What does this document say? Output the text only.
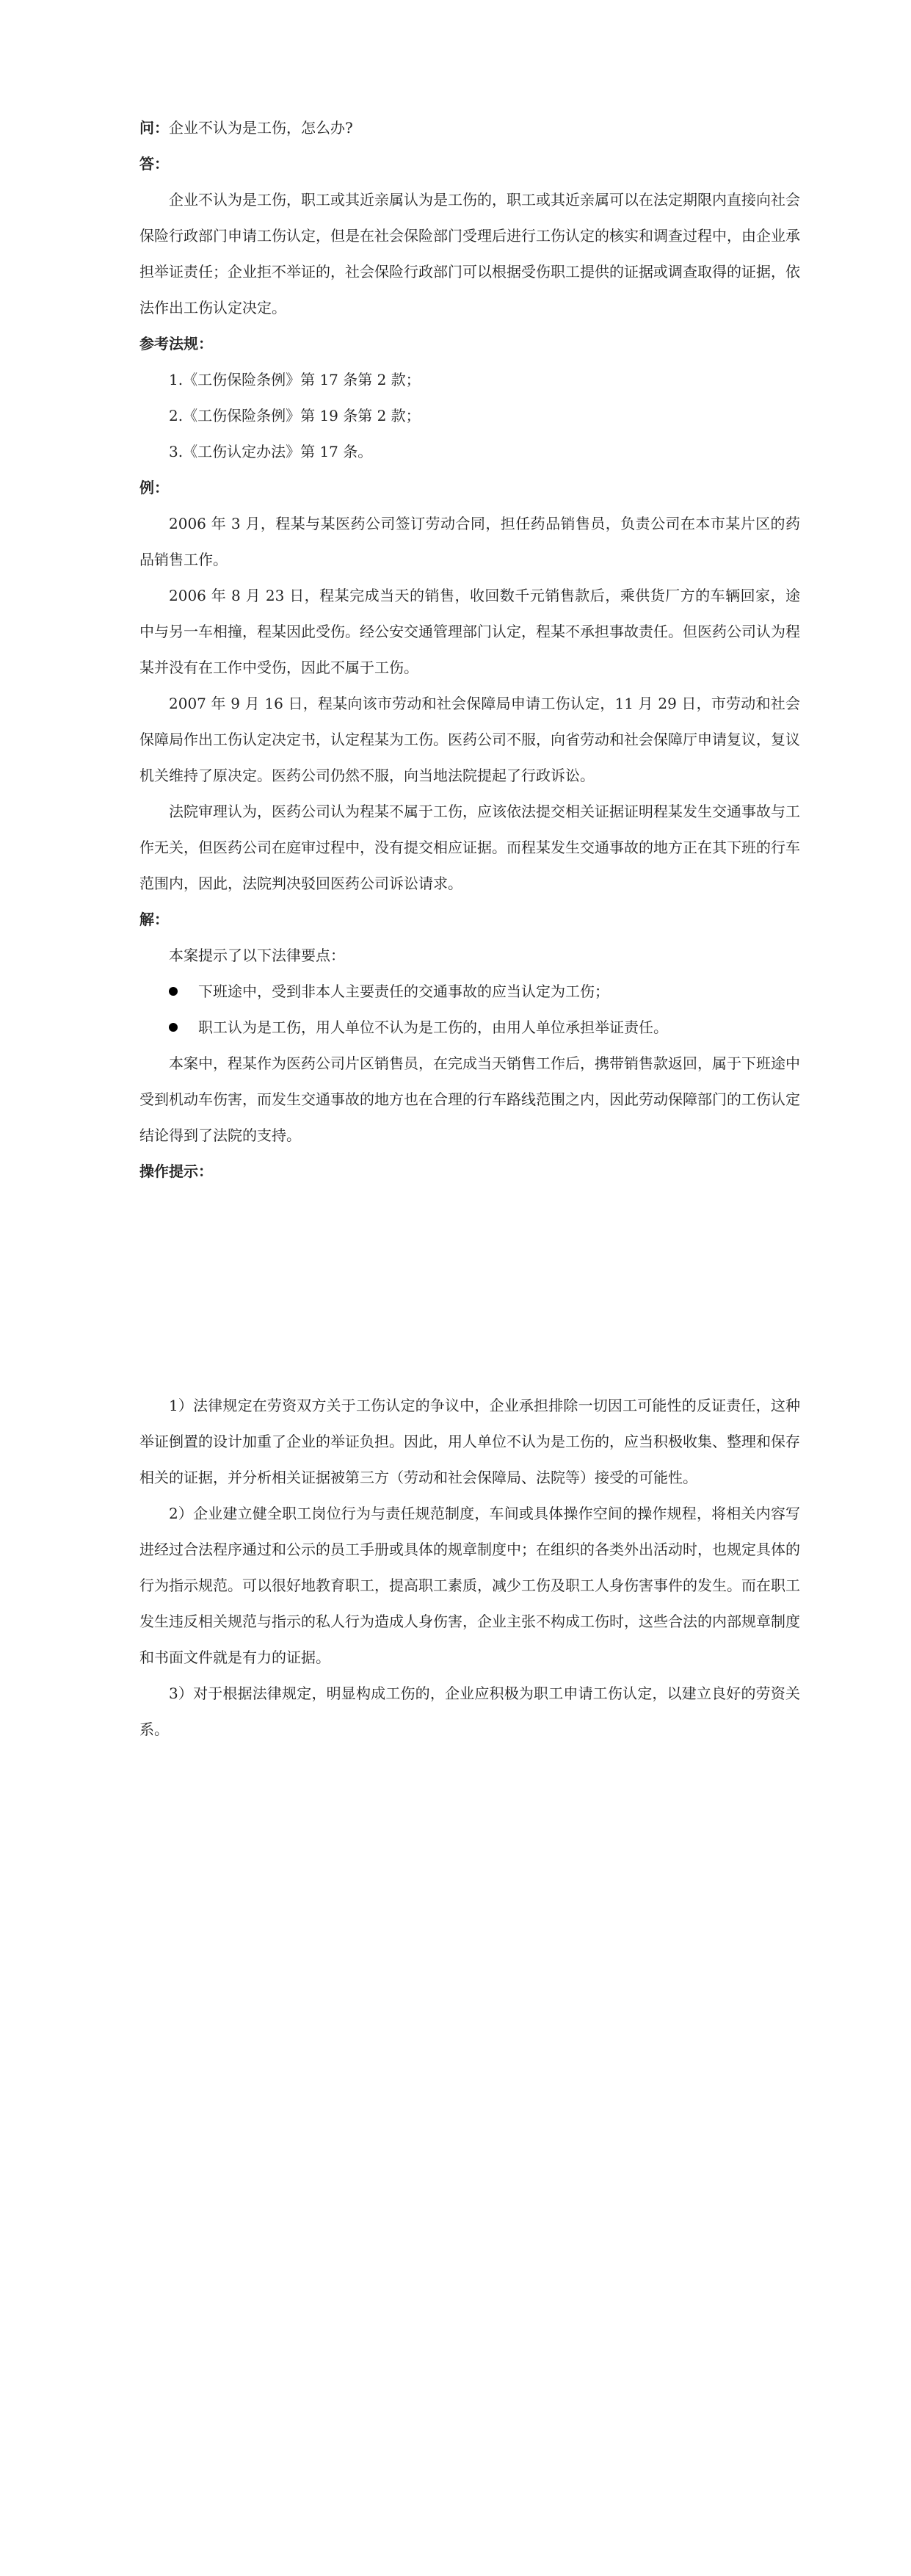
问：企业不认为是工伤，怎么办?

答：

企业不认为是工伤，职工或其近亲属认为是工伤的，职工或其近亲属可以在法定期限内直接向社会保险行政部门申请工伤认定，但是在社会保险部门受理后进行工伤认定的核实和调查过程中，由企业承担举证责任；企业拒不举证的，社会保险行政部门可以根据受伤职工提供的证据或调查取得的证据，依法作出工伤认定决定。

参考法规：

1.《工伤保险条例》第 17 条第 2 款；

2.《工伤保险条例》第 19 条第 2 款；

3.《工伤认定办法》第 17 条。

例：

2006 年 3 月，程某与某医药公司签订劳动合同，担任药品销售员，负责公司在本市某片区的药品销售工作。

2006 年 8 月 23 日，程某完成当天的销售，收回数千元销售款后，乘供货厂方的车辆回家，途中与另一车相撞，程某因此受伤。经公安交通管理部门认定，程某不承担事故责任。但医药公司认为程某并没有在工作中受伤，因此不属于工伤。

2007 年 9 月 16 日，程某向该市劳动和社会保障局申请工伤认定，11 月 29 日，市劳动和社会保障局作出工伤认定决定书，认定程某为工伤。医药公司不服，向省劳动和社会保障厅申请复议，复议机关维持了原决定。医药公司仍然不服，向当地法院提起了行政诉讼。

法院审理认为，医药公司认为程某不属于工伤，应该依法提交相关证据证明程某发生交通事故与工作无关，但医药公司在庭审过程中，没有提交相应证据。而程某发生交通事故的地方正在其下班的行车范围内，因此，法院判决驳回医药公司诉讼请求。

解：

本案提示了以下法律要点：

下班途中，受到非本人主要责任的交通事故的应当认定为工伤；
职工认为是工伤，用人单位不认为是工伤的，由用人单位承担举证责任。

本案中，程某作为医药公司片区销售员，在完成当天销售工作后，携带销售款返回，属于下班途中受到机动车伤害，而发生交通事故的地方也在合理的行车路线范围之内，因此劳动保障部门的工伤认定结论得到了法院的支持。

操作提示：

1）法律规定在劳资双方关于工伤认定的争议中，企业承担排除一切因工可能性的反证责任，这种举证倒置的设计加重了企业的举证负担。因此，用人单位不认为是工伤的，应当积极收集、整理和保存相关的证据，并分析相关证据被第三方（劳动和社会保障局、法院等）接受的可能性。

2）企业建立健全职工岗位行为与责任规范制度，车间或具体操作空间的操作规程，将相关内容写进经过合法程序通过和公示的员工手册或具体的规章制度中；在组织的各类外出活动时，也规定具体的行为指示规范。可以很好地教育职工，提高职工素质，减少工伤及职工人身伤害事件的发生。而在职工发生违反相关规范与指示的私人行为造成人身伤害，企业主张不构成工伤时，这些合法的内部规章制度和书面文件就是有力的证据。

3）对于根据法律规定，明显构成工伤的，企业应积极为职工申请工伤认定，以建立良好的劳资关系。
